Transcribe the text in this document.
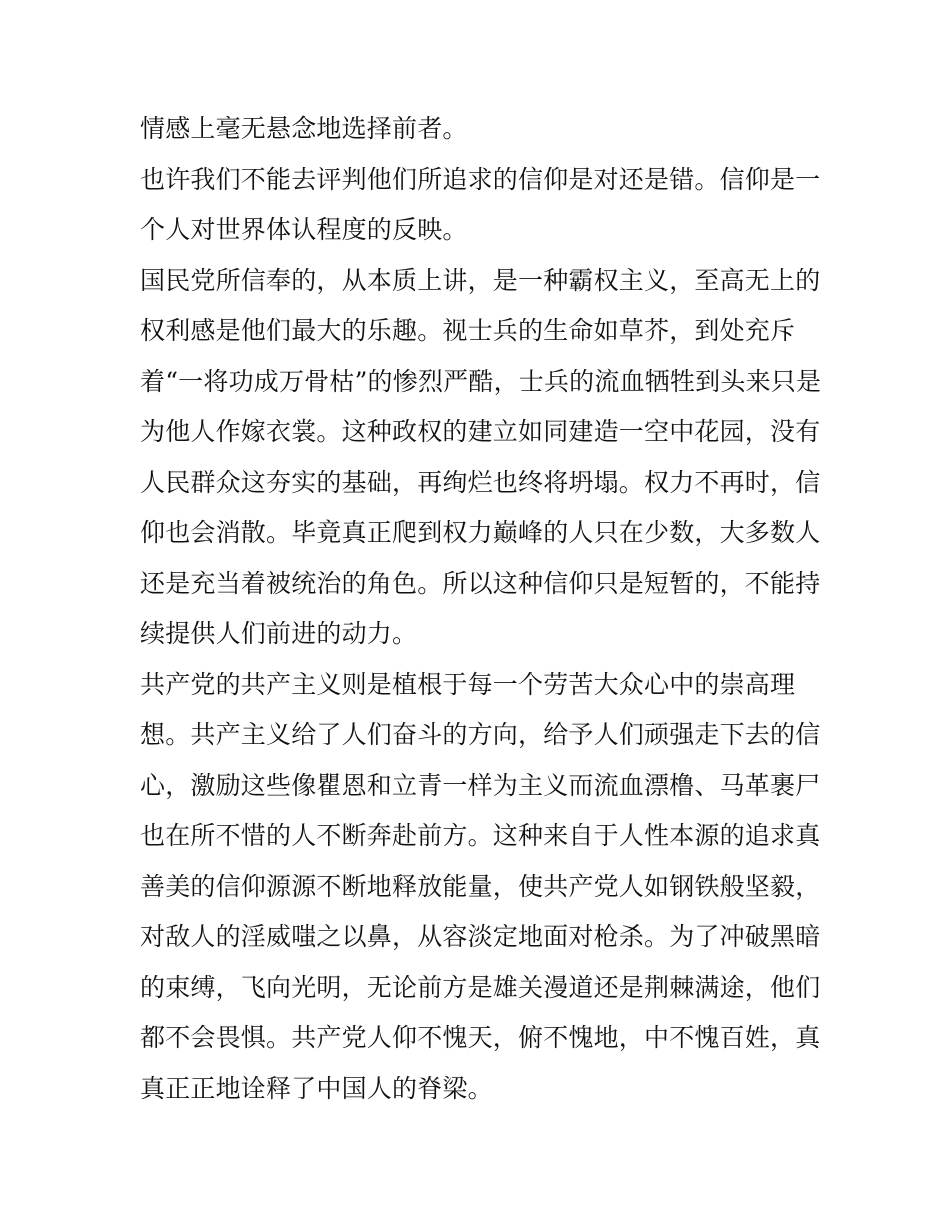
情感上毫无悬念地选择前者。
也许我们不能去评判他们所追求的信仰是对还是错。信仰是一
个人对世界体认程度的反映。
国民党所信奉的，从本质上讲，是一种霸权主义，至高无上的
权利感是他们最大的乐趣。视士兵的生命如草芥，到处充斥
着“一将功成万骨枯”的惨烈严酷，士兵的流血牺牲到头来只是
为他人作嫁衣裳。这种政权的建立如同建造一空中花园，没有
人民群众这夯实的基础，再绚烂也终将坍塌。权力不再时，信
仰也会消散。毕竟真正爬到权力巅峰的人只在少数，大多数人
还是充当着被统治的角色。所以这种信仰只是短暂的，不能持
续提供人们前进的动力。
共产党的共产主义则是植根于每一个劳苦大众心中的崇高理
想。共产主义给了人们奋斗的方向，给予人们顽强走下去的信
心，激励这些像瞿恩和立青一样为主义而流血漂橹、马革裹尸
也在所不惜的人不断奔赴前方。这种来自于人性本源的追求真
善美的信仰源源不断地释放能量，使共产党人如钢铁般坚毅，
对敌人的淫威嗤之以鼻，从容淡定地面对枪杀。为了冲破黑暗
的束缚，飞向光明，无论前方是雄关漫道还是荆棘满途，他们
都不会畏惧。共产党人仰不愧天，俯不愧地，中不愧百姓，真
真正正地诠释了中国人的脊梁。
